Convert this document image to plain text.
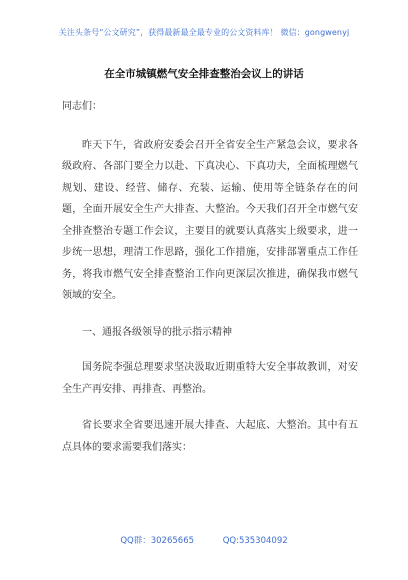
关注头条号“公文研究”，获得最新最全最专业的公文资料库！ 微信：gongwenyj
在全市城镇燃气安全排查整治会议上的讲话

同志们：

昨天下午，省政府安委会召开全省安全生产紧急会议，要求各级政府、各部门要全力以赴、下真决心、下真功夫，全面梳理燃气规划、建设、经营、储存、充装、运输、使用等全链条存在的问题，全面开展安全生产大排查、大整治。今天我们召开全市燃气安全排查整治专题工作会议，主要目的就要认真落实上级要求，进一步统一思想，理清工作思路，强化工作措施，安排部署重点工作任务，将我市燃气安全排查整治工作向更深层次推进，确保我市燃气领域的安全。

一、通报各级领导的批示指示精神

国务院李强总理要求坚决汲取近期重特大安全事故教训，对安全生产再安排、再排查、再整治。

省长要求全省要迅速开展大排查、大起底、大整治。其中有五点具体的要求需要我们落实：

QQ群：30265665	QQ:535304092
